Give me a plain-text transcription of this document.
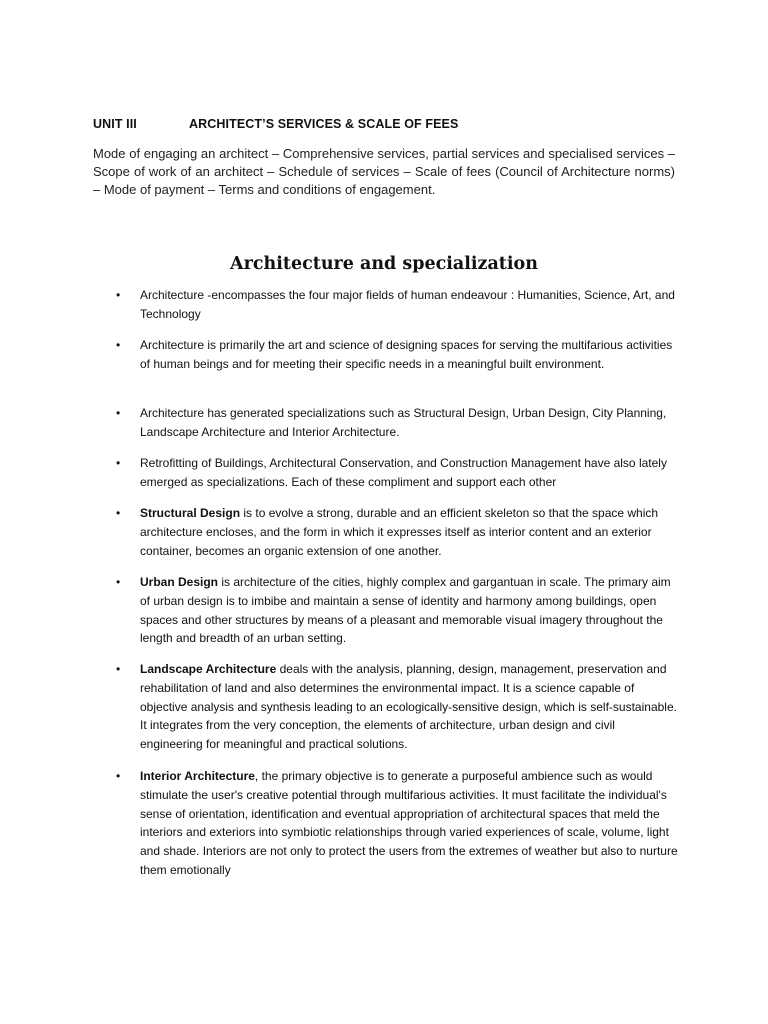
UNIT III	ARCHITECT’S SERVICES & SCALE OF FEES

Mode of engaging an architect – Comprehensive services, partial services and specialised services – Scope of work of an architect – Schedule of services – Scale of fees (Council of Architecture norms) – Mode of payment – Terms and conditions of engagement.

Architecture and specialization
• Architecture -encompasses the four major fields of human endeavour : Humanities, Science, Art, and Technology
• Architecture is primarily the art and science of designing spaces for serving the multifarious activities of human beings and for meeting their specific needs in a meaningful built environment.
• Architecture has generated specializations such as Structural Design, Urban Design, City Planning, Landscape Architecture and Interior Architecture.
• Retrofitting of Buildings, Architectural Conservation, and Construction Management have also lately emerged as specializations. Each of these compliment and support each other
• Structural Design is to evolve a strong, durable and an efficient skeleton so that the space which architecture encloses, and the form in which it expresses itself as interior content and an exterior container, becomes an organic extension of one another.
• Urban Design is architecture of the cities, highly complex and gargantuan in scale. The primary aim of urban design is to imbibe and maintain a sense of identity and harmony among buildings, open spaces and other structures by means of a pleasant and memorable visual imagery throughout the length and breadth of an urban setting.
• Landscape Architecture deals with the analysis, planning, design, management, preservation and rehabilitation of land and also determines the environmental impact. It is a science capable of objective analysis and synthesis leading to an ecologically-sensitive design, which is self-sustainable. It integrates from the very conception, the elements of architecture, urban design and civil engineering for meaningful and practical solutions.
• Interior Architecture, the primary objective is to generate a purposeful ambience such as would stimulate the user's creative potential through multifarious activities. It must facilitate the individual's sense of orientation, identification and eventual appropriation of architectural spaces that meld the interiors and exteriors into symbiotic relationships through varied experiences of scale, volume, light and shade. Interiors are not only to protect the users from the extremes of weather but also to nurture them emotionally
